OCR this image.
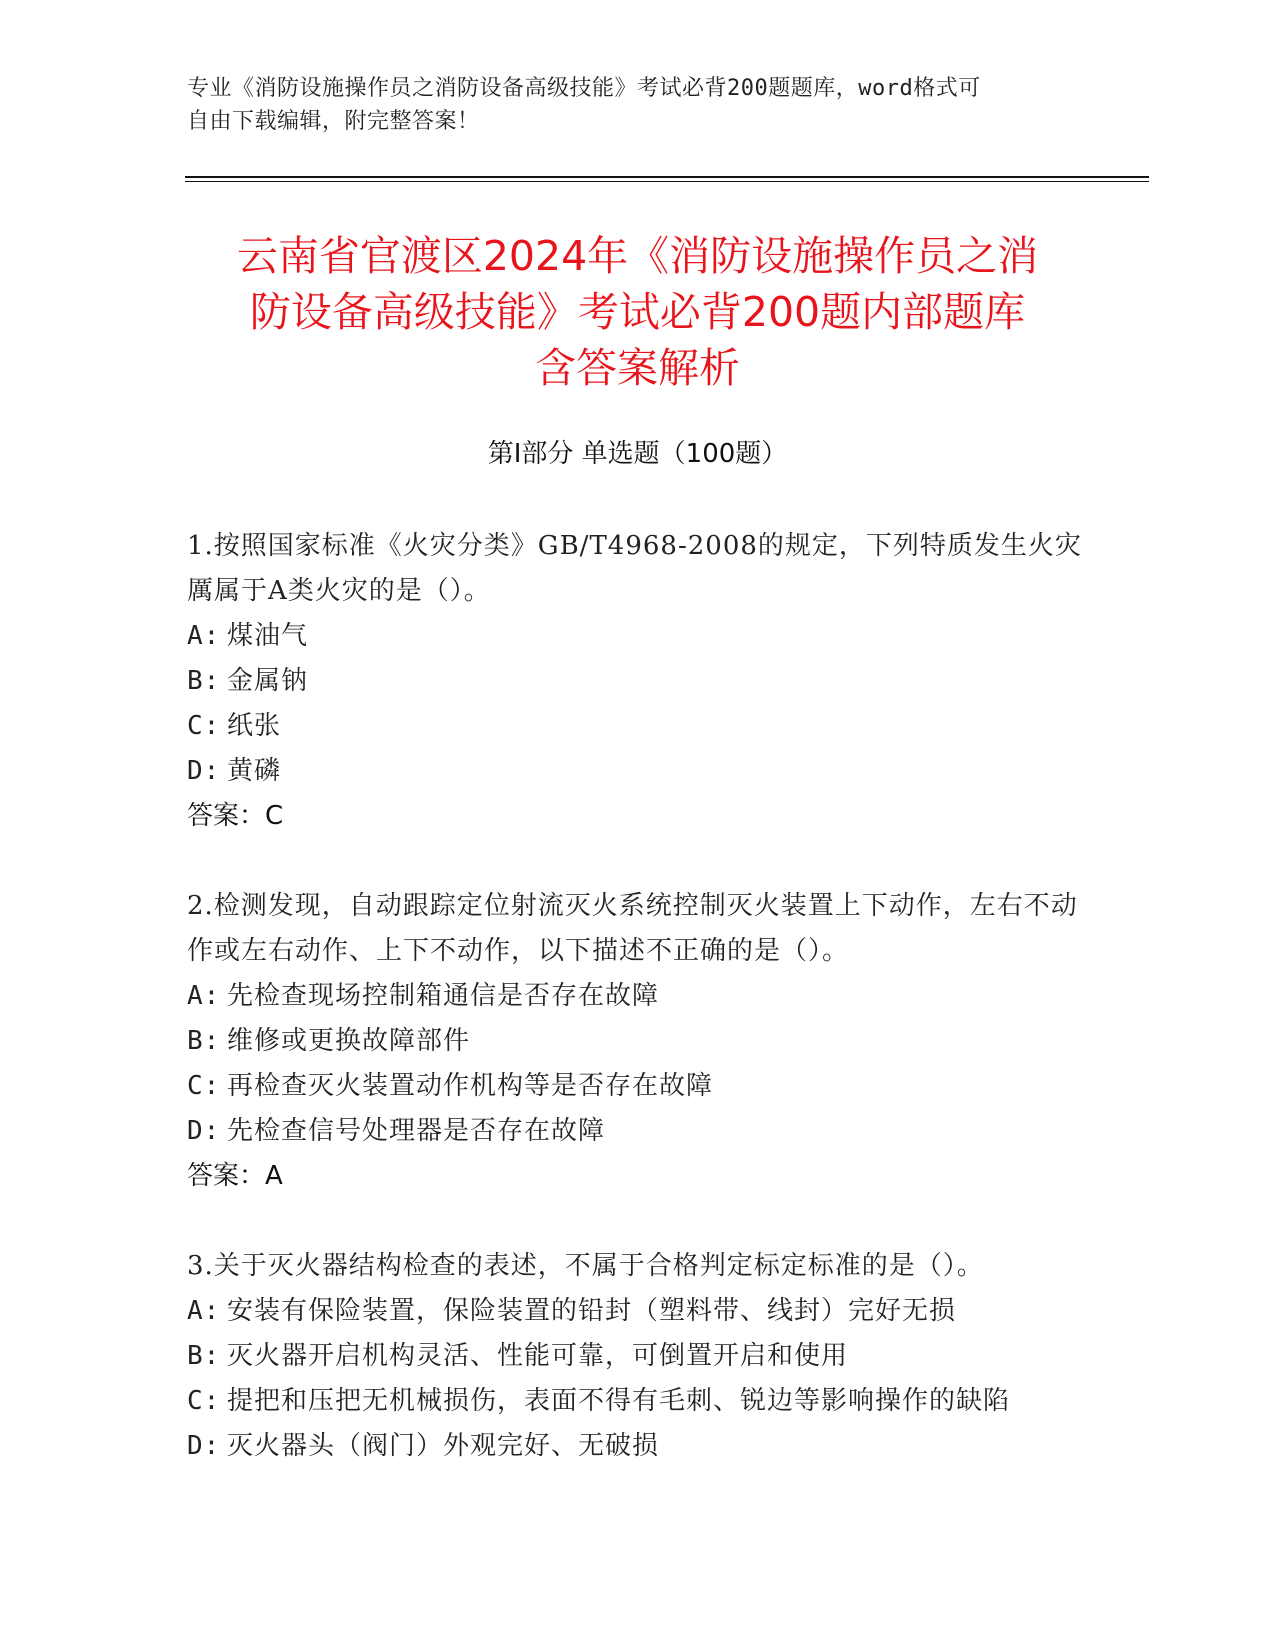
专业《消防设施操作员之消防设备高级技能》考试必背200题题库，word格式可
自由下载编辑，附完整答案！
云南省官渡区2024年《消防设施操作员之消
防设备高级技能》考试必背200题内部题库
含答案解析
第Ⅰ部分 单选题（100题）
1.按照国家标准《火灾分类》GB/T4968-2008的规定，下列特质发生火灾厲属于A类火灾的是（）。
A: 煤油气
B: 金属钠
C: 纸张
D: 黄磷
答案：C
2.检测发现，自动跟踪定位射流灭火系统控制灭火装置上下动作，左右不动作或左右动作、上下不动作，以下描述不正确的是（）。
A: 先检查现场控制箱通信是否存在故障
B: 维修或更换故障部件
C: 再检查灭火装置动作机构等是否存在故障
D: 先检查信号处理器是否存在故障
答案：A
3.关于灭火器结构检查的表述，不属于合格判定标定标准的是（）。
A: 安装有保险装置，保险装置的铅封（塑料带、线封）完好无损
B: 灭火器开启机构灵活、性能可靠，可倒置开启和使用
C: 提把和压把无机械损伤，表面不得有毛刺、锐边等影响操作的缺陷
D: 灭火器头（阀门）外观完好、无破损
